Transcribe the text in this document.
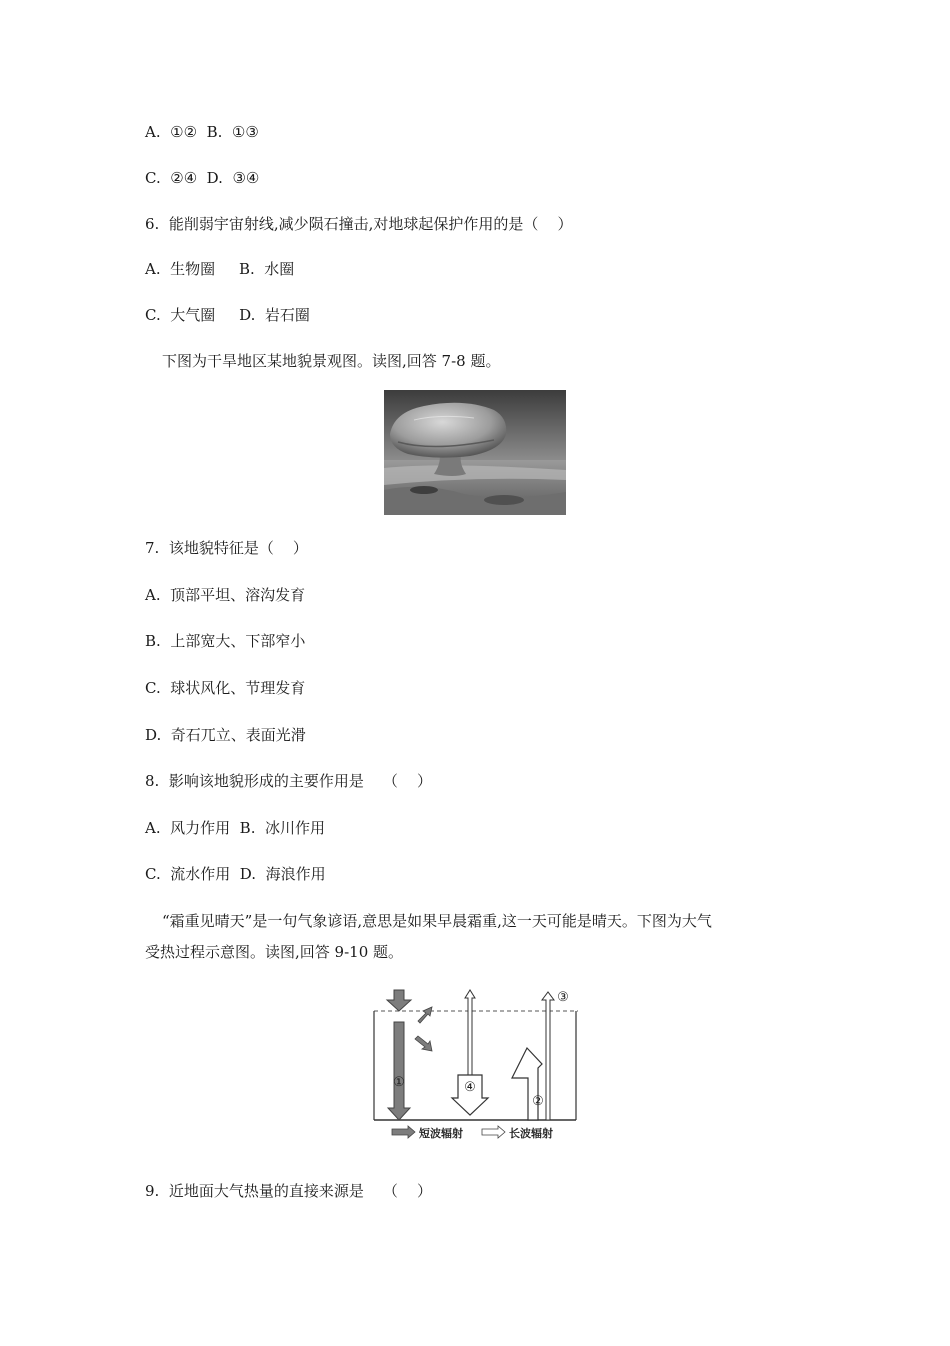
A.  ①②  B.  ①③
C.  ②④  D.  ③④
6.  能削弱宇宙射线,减少陨石撞击,对地球起保护作用的是（    ）
A.  生物圈     B.  水圈
C.  大气圈     D.  岩石圈
下图为干旱地区某地貌景观图。读图,回答 7-8 题。
7.  该地貌特征是（    ）
A.  顶部平坦、溶沟发育
B.  上部宽大、下部窄小
C.  球状风化、节理发育
D.  奇石兀立、表面光滑
8.  影响该地貌形成的主要作用是    （    ）
A.  风力作用  B.  冰川作用
C.  流水作用  D.  海浪作用
“霜重见晴天”是一句气象谚语,意思是如果早晨霜重,这一天可能是晴天。下图为大气
受热过程示意图。读图,回答 9-10 题。
①	④
②
③
短波辐射	长波辐射
9.  近地面大气热量的直接来源是    （    ）
